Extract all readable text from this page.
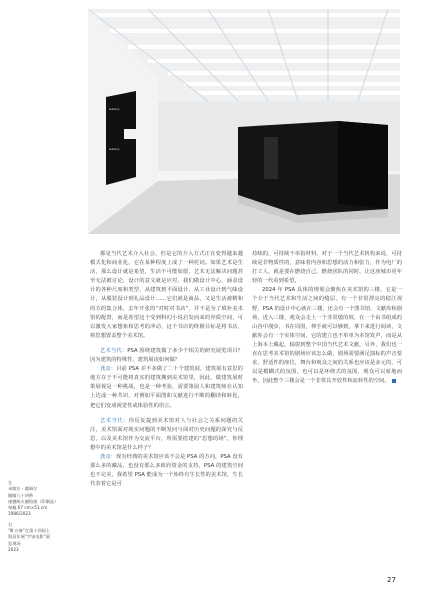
Gallery
Gallery

都是当代艺术介入社会，但是它的介入方式正在变得越来越模式化和商业化，它在某种程度上成了一种托词。如果艺术是生活，那么设计就是希望，生活不可能如愿，艺术无法解决问题甚至无法被讨论，设计的意义就是应对，我们做设计中心，涵盖设计的各种尺度和类型，从建筑到平面设计，从工业设计到气味设计，从服装设计到礼品设计……它们就是商品，又是生活被精和的方的集合体，去年开张的“对时对书店”，并不是为了填补美术馆的配置，而是希望这个受到科幻小说启发而来的异质空间，可以激发大家想象和思考的冲动，这个书店的终极目标是将书店，将思想置盖整个美术馆。

艺术当代：PSA 围绕建筑做了多少个相关的研究展览项目？因为建筑的特殊性，建筑展该如何做？

龚彦：目前 PSA 差不多做了二十个建筑展，建筑展有意思的地方在于不可能将真实的建筑搬到美术馆里，因此，做建筑展时策展视是一种挑战，也是一种考验，需要策展人和建筑师在认知上达成一种共识，对例如平面图和文献进行不断的翻译和转化，把它们变成视觉性或体验性的语言。

艺术当代：你反复提到美术馆对人与社会之关系问题的关注，美术馆面对现实问题的不断发问与面对历史问题的深究与反思，以及美术馆作为交流平台，所需要搭建的“思想的场”，你理想中的美术馆是什么样子？

龚彦：现有经典的美术馆应该不会是 PSA 的方向，PSA 没有那么多的藏品，也没有那么多政府资金的支持，PSA 的建筑空间也不完美，我希望 PSA 能成为一个始终有生长性的美术馆，生长代表着它是可

持续的，可持续不单指材料，对于一个当代艺术机构来说，可持续是非物质性的，意味着内容和思想的活力和张力，作为电厂的打工人，就是要在燃烧自己、燃烧团队的同时，让这座城市更年轻的一代看到希望。

2024 年 PSA 具体的规划会聚焦在美术馆的三楼，它是一个介于当代艺术和生活之间的缝层，有一个非常漂亮的稳江视野，PSA 的设计中心就在三楼，还会有一个图书馆，文献库和剧场，进入三楼，观众会走上一个非常缓的坡，在一个由书组成的山谷中漫步，书在周围，伸手就可以够到，拿下来进行阅读，文献库会有一个实体空间，它的建立也不单单为本馆发声，而是从上海本土藏起，辐射到整个中国当代艺术文献，另外，我们也一直在思考美术馆的剧场应该怎么做，剧场需要满足演标的声音要求，舒适性的座位，舞台和观众之间的关系也应该是多元的，可以是模糊式的氛围，也可以是环绕式的氛围，观众可以席地而坐，因此整个三楼会是一个非常具开放性和流转性的空间。

左
米歇尔・翁瑞尔
眼睛六十四秒
康德纸火圈绘画（印制品）
每幅 67 cm×51 cm
1986/2023
右
“Ⅲ 万参”在第十四届上
海双年展“宇宙电影”展
览现场
2023
27
